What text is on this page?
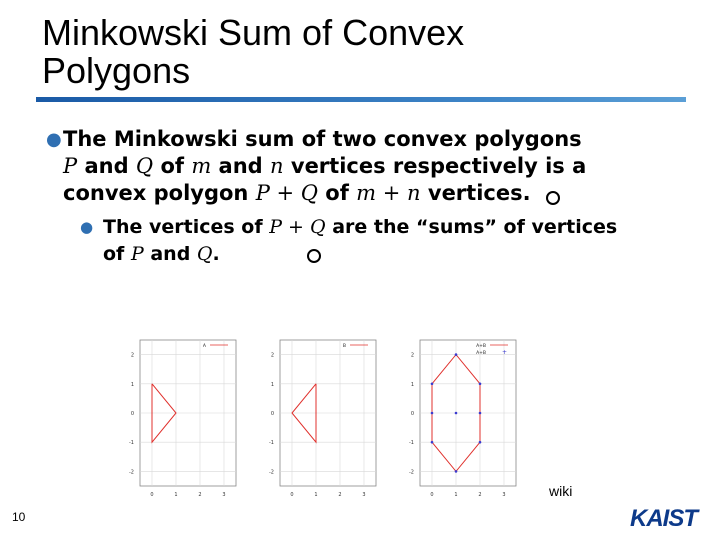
Minkowski Sum of Convex
Polygons
● The Minkowski sum of two convex polygons
P and Q of m and n vertices respectively is a
convex polygon P + Q of m + n vertices.
● The vertices of P + Q are the “sums” of vertices
of P and Q.
0	1	2	3
2
1
0
-1
-2
A
0	1	2	3
2
1
0
-1
-2
B
0	1	2	3
2
1
0
-1
-2
A+B
A+B	+
wiki
10	KAIST
